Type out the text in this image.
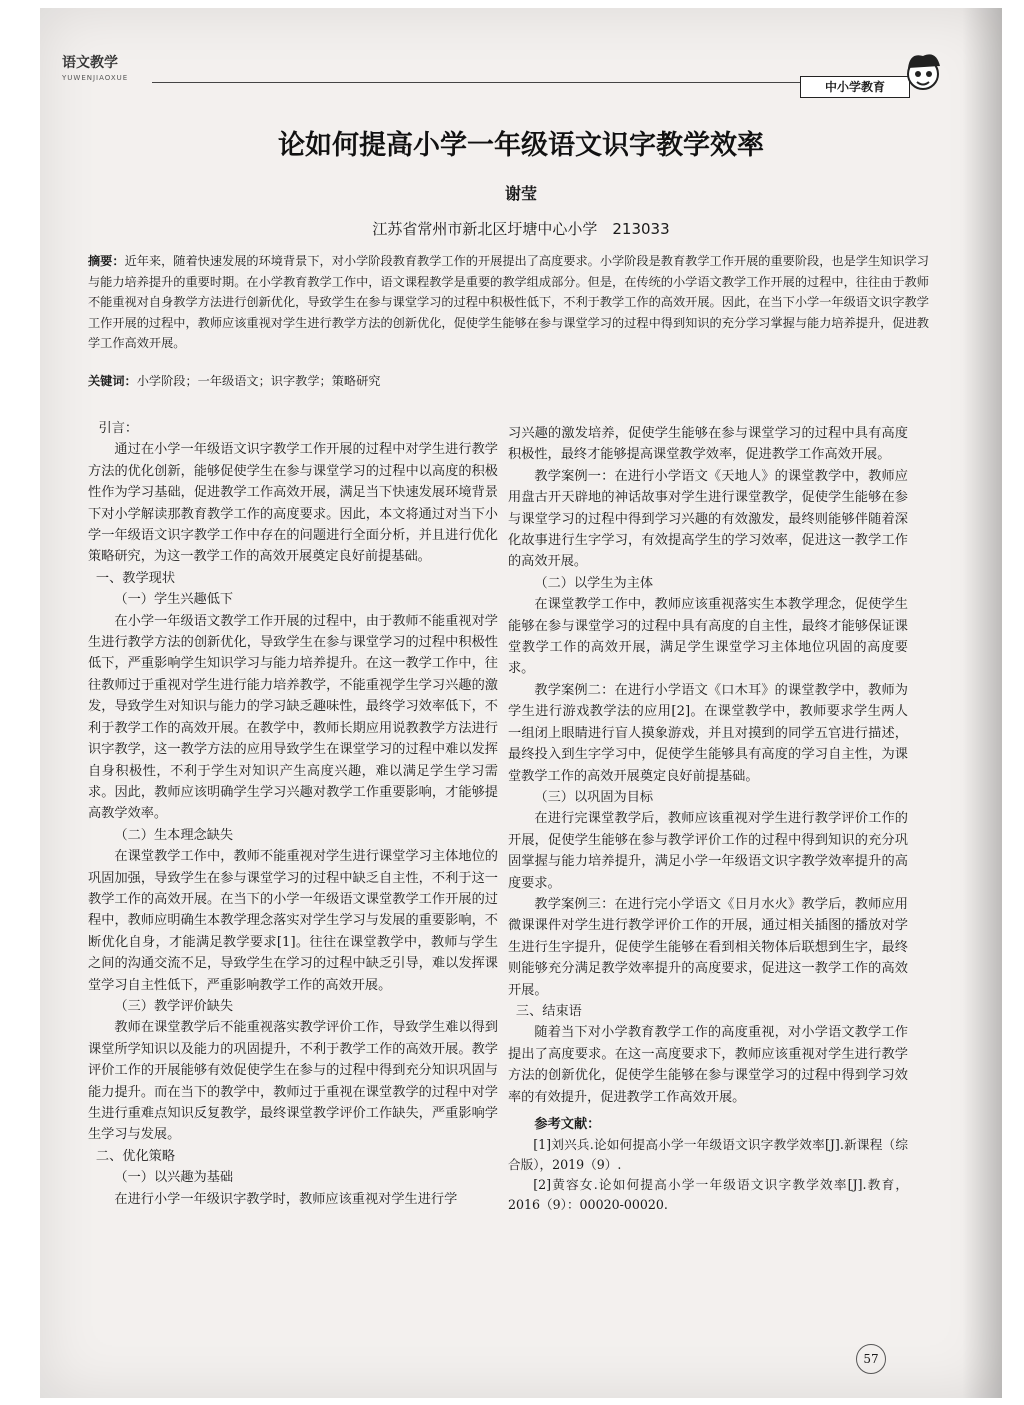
语文教学
YUWENJIAOXUE
中小学教育
论如何提高小学一年级语文识字教学效率
谢莹
江苏省常州市新北区圩塘中心小学　213033
摘要：近年来，随着快速发展的环境背景下，对小学阶段教育教学工作的开展提出了高度要求。小学阶段是教育教学工作开展的重要阶段，也是学生知识学习与能力培养提升的重要时期。在小学教育教学工作中，语文课程教学是重要的教学组成部分。但是，在传统的小学语文教学工作开展的过程中，往往由于教师不能重视对自身教学方法进行创新优化，导致学生在参与课堂学习的过程中积极性低下，不利于教学工作的高效开展。因此，在当下小学一年级语文识字教学工作开展的过程中，教师应该重视对学生进行教学方法的创新优化，促使学生能够在参与课堂学习的过程中得到知识的充分学习掌握与能力培养提升，促进教学工作高效开展。
关键词：小学阶段；一年级语文；识字教学；策略研究

引言：

通过在小学一年级语文识字教学工作开展的过程中对学生进行教学方法的优化创新，能够促使学生在参与课堂学习的过程中以高度的积极性作为学习基础，促进教学工作高效开展，满足当下快速发展环境背景下对小学解读那教育教学工作的高度要求。因此，本文将通过对当下小学一年级语文识字教学工作中存在的问题进行全面分析，并且进行优化策略研究，为这一教学工作的高效开展奠定良好前提基础。

一、教学现状

（一）学生兴趣低下

在小学一年级语文教学工作开展的过程中，由于教师不能重视对学生进行教学方法的创新优化，导致学生在参与课堂学习的过程中积极性低下，严重影响学生知识学习与能力培养提升。在这一教学工作中，往往教师过于重视对学生进行能力培养教学，不能重视学生学习兴趣的激发，导致学生对知识与能力的学习缺乏趣味性，最终学习效率低下，不利于教学工作的高效开展。在教学中，教师长期应用说教教学方法进行识字教学，这一教学方法的应用导致学生在课堂学习的过程中难以发挥自身积极性，不利于学生对知识产生高度兴趣，难以满足学生学习需求。因此，教师应该明确学生学习兴趣对教学工作重要影响，才能够提高教学效率。

（二）生本理念缺失

在课堂教学工作中，教师不能重视对学生进行课堂学习主体地位的巩固加强，导致学生在参与课堂学习的过程中缺乏自主性，不利于这一教学工作的高效开展。在当下的小学一年级语文课堂教学工作开展的过程中，教师应明确生本教学理念落实对学生学习与发展的重要影响，不断优化自身，才能满足教学要求[1]。往往在课堂教学中，教师与学生之间的沟通交流不足，导致学生在学习的过程中缺乏引导，难以发挥课堂学习自主性低下，严重影响教学工作的高效开展。

（三）教学评价缺失

教师在课堂教学后不能重视落实教学评价工作，导致学生难以得到课堂所学知识以及能力的巩固提升，不利于教学工作的高效开展。教学评价工作的开展能够有效促使学生在参与的过程中得到充分知识巩固与能力提升。而在当下的教学中，教师过于重视在课堂教学的过程中对学生进行重难点知识反复教学，最终课堂教学评价工作缺失，严重影响学生学习与发展。

二、优化策略

（一）以兴趣为基础

在进行小学一年级识字教学时，教师应该重视对学生进行学

习兴趣的激发培养，促使学生能够在参与课堂学习的过程中具有高度积极性，最终才能够提高课堂教学效率，促进教学工作高效开展。

教学案例一：在进行小学语文《天地人》的课堂教学中，教师应用盘古开天辟地的神话故事对学生进行课堂教学，促使学生能够在参与课堂学习的过程中得到学习兴趣的有效激发，最终则能够伴随着深化故事进行生字学习，有效提高学生的学习效率，促进这一教学工作的高效开展。

（二）以学生为主体

在课堂教学工作中，教师应该重视落实生本教学理念，促使学生能够在参与课堂学习的过程中具有高度的自主性，最终才能够保证课堂教学工作的高效开展，满足学生课堂学习主体地位巩固的高度要求。

教学案例二：在进行小学语文《口木耳》的课堂教学中，教师为学生进行游戏教学法的应用[2]。在课堂教学中，教师要求学生两人一组闭上眼睛进行盲人摸象游戏，并且对摸到的同学五官进行描述，最终投入到生字学习中，促使学生能够具有高度的学习自主性，为课堂教学工作的高效开展奠定良好前提基础。

（三）以巩固为目标

在进行完课堂教学后，教师应该重视对学生进行教学评价工作的开展，促使学生能够在参与教学评价工作的过程中得到知识的充分巩固掌握与能力培养提升，满足小学一年级语文识字教学效率提升的高度要求。

教学案例三：在进行完小学语文《日月水火》教学后，教师应用微课课件对学生进行教学评价工作的开展，通过相关插图的播放对学生进行生字提升，促使学生能够在看到相关物体后联想到生字，最终则能够充分满足教学效率提升的高度要求，促进这一教学工作的高效开展。

三、结束语

随着当下对小学教育教学工作的高度重视，对小学语文教学工作提出了高度要求。在这一高度要求下，教师应该重视对学生进行教学方法的创新优化，促使学生能够在参与课堂学习的过程中得到学习效率的有效提升，促进教学工作高效开展。

参考文献：

[1]刘兴兵.论如何提高小学一年级语文识字教学效率[J].新课程（综合版），2019（9）.

[2]黄容女.论如何提高小学一年级语文识字教学效率[J].教育，2016（9）：00020-00020.

57
